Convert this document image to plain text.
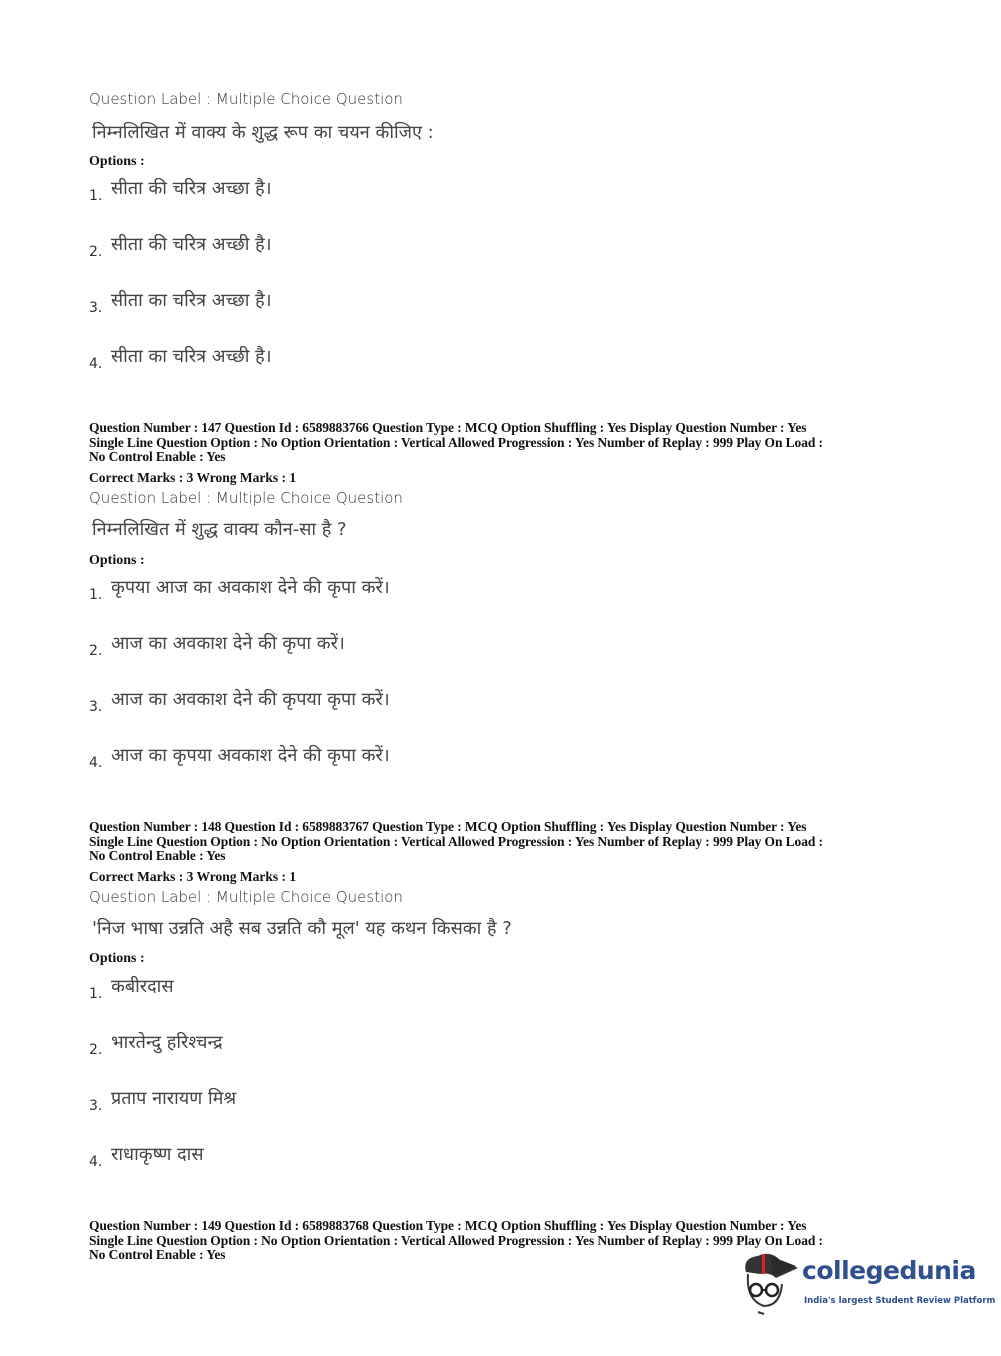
Question Label : Multiple Choice Question
निम्नलिखित में वाक्य के शुद्ध रूप का चयन कीजिए :
Options :
1. सीता की चरित्र अच्छा है।
2. सीता की चरित्र अच्छी है।
3. सीता का चरित्र अच्छा है।
4. सीता का चरित्र अच्छी है।
Question Number : 147 Question Id : 6589883766 Question Type : MCQ Option Shuffling : Yes Display Question Number : Yes
Single Line Question Option : No Option Orientation : Vertical Allowed Progression : Yes Number of Replay : 999 Play On Load :
No Control Enable : Yes
Correct Marks : 3 Wrong Marks : 1
Question Label : Multiple Choice Question
निम्नलिखित में शुद्ध वाक्य कौन-सा है ?
Options :
1. कृपया आज का अवकाश देने की कृपा करें।
2. आज का अवकाश देने की कृपा करें।
3. आज का अवकाश देने की कृपया कृपा करें।
4. आज का कृपया अवकाश देने की कृपा करें।
Question Number : 148 Question Id : 6589883767 Question Type : MCQ Option Shuffling : Yes Display Question Number : Yes
Single Line Question Option : No Option Orientation : Vertical Allowed Progression : Yes Number of Replay : 999 Play On Load :
No Control Enable : Yes
Correct Marks : 3 Wrong Marks : 1
Question Label : Multiple Choice Question
'निज भाषा उन्नति अहै सब उन्नति कौ मूल' यह कथन किसका है ?
Options :
1. कबीरदास
2. भारतेन्दु हरिश्चन्द्र
3. प्रताप नारायण मिश्र
4. राधाकृष्ण दास
Question Number : 149 Question Id : 6589883768 Question Type : MCQ Option Shuffling : Yes Display Question Number : Yes
Single Line Question Option : No Option Orientation : Vertical Allowed Progression : Yes Number of Replay : 999 Play On Load :
No Control Enable : Yes
collegedunia
India's largest Student Review Platform
